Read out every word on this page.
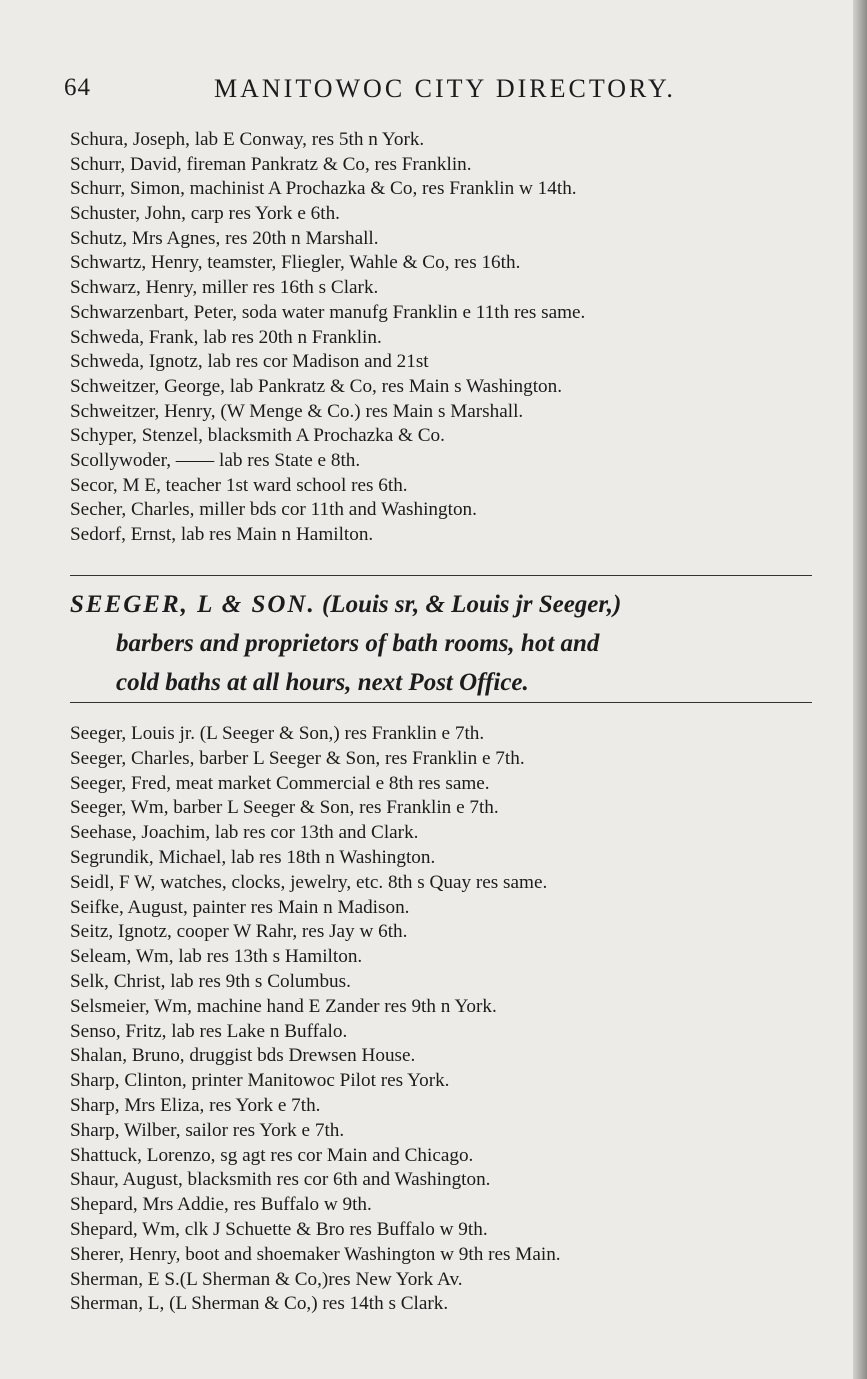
64	MANITOWOC CITY DIRECTORY.
Schura, Joseph, lab E Conway, res 5th n York.
Schurr, David, fireman Pankratz & Co, res Franklin.
Schurr, Simon, machinist A Prochazka & Co, res Franklin w 14th.
Schuster, John, carp res York e 6th.
Schutz, Mrs Agnes, res 20th n Marshall.
Schwartz, Henry, teamster, Fliegler, Wahle & Co, res 16th.
Schwarz, Henry, miller res 16th s Clark.
Schwarzenbart, Peter, soda water manufg Franklin e 11th res same.
Schweda, Frank, lab res 20th n Franklin.
Schweda, Ignotz, lab res cor Madison and 21st
Schweitzer, George, lab Pankratz & Co, res Main s Washington.
Schweitzer, Henry, (W Menge & Co.) res Main s Marshall.
Schyper, Stenzel, blacksmith A Prochazka & Co.
Scollywoder, —— lab res State e 8th.
Secor, M E, teacher 1st ward school res 6th.
Secher, Charles, miller bds cor 11th and Washington.
Sedorf, Ernst, lab res Main n Hamilton.
SEEGER, L & SON. (Louis sr, & Louis jr Seeger,)
barbers and proprietors of bath rooms, hot and
cold baths at all hours, next Post Office.
Seeger, Louis jr. (L Seeger & Son,) res Franklin e 7th.
Seeger, Charles, barber L Seeger & Son, res Franklin e 7th.
Seeger, Fred, meat market Commercial e 8th res same.
Seeger, Wm, barber L Seeger & Son, res Franklin e 7th.
Seehase, Joachim, lab res cor 13th and Clark.
Segrundik, Michael, lab res 18th n Washington.
Seidl, F W, watches, clocks, jewelry, etc. 8th s Quay res same.
Seifke, August, painter res Main n Madison.
Seitz, Ignotz, cooper W Rahr, res Jay w 6th.
Seleam, Wm, lab res 13th s Hamilton.
Selk, Christ, lab res 9th s Columbus.
Selsmeier, Wm, machine hand E Zander res 9th n York.
Senso, Fritz, lab res Lake n Buffalo.
Shalan, Bruno, druggist bds Drewsen House.
Sharp, Clinton, printer Manitowoc Pilot res York.
Sharp, Mrs Eliza, res York e 7th.
Sharp, Wilber, sailor res York e 7th.
Shattuck, Lorenzo, sg agt res cor Main and Chicago.
Shaur, August, blacksmith res cor 6th and Washington.
Shepard, Mrs Addie, res Buffalo w 9th.
Shepard, Wm, clk J Schuette & Bro res Buffalo w 9th.
Sherer, Henry, boot and shoemaker Washington w 9th res Main.
Sherman, E S.(L Sherman & Co,)res New York Av.
Sherman, L, (L Sherman & Co,) res 14th s Clark.
